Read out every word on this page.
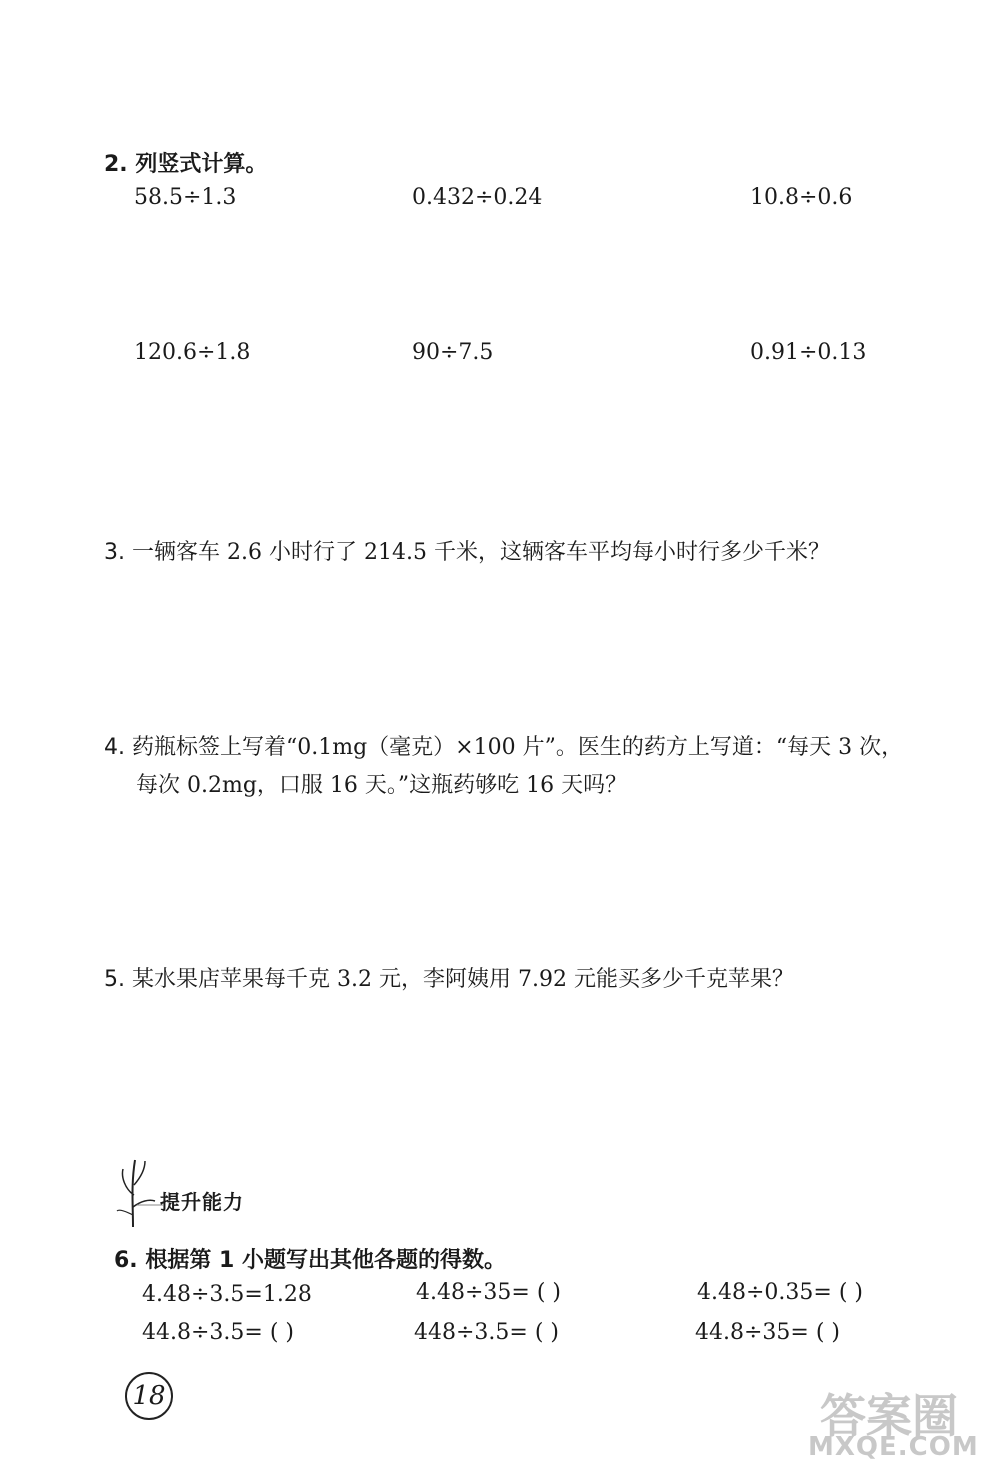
2. 列竖式计算。
58.5÷1.3	0.432÷0.24	10.8÷0.6
120.6÷1.8	90÷7.5	0.91÷0.13
3. 一辆客车 2.6 小时行了 214.5 千米，这辆客车平均每小时行多少千米？
4. 药瓶标签上写着“0.1mg（毫克）×100 片”。医生的药方上写道：“每天 3 次，
每次 0.2mg，口服 16 天。”这瓶药够吃 16 天吗？
5. 某水果店苹果每千克 3.2 元，李阿姨用 7.92 元能买多少千克苹果？
提升能力
6. 根据第 1 小题写出其他各题的得数。
4.48÷3.5=1.28	4.48÷35= ( )	4.48÷0.35= ( )
44.8÷3.5= ( )	448÷3.5= ( )	44.8÷35= ( )
18	答案圈
MXQE.COM
